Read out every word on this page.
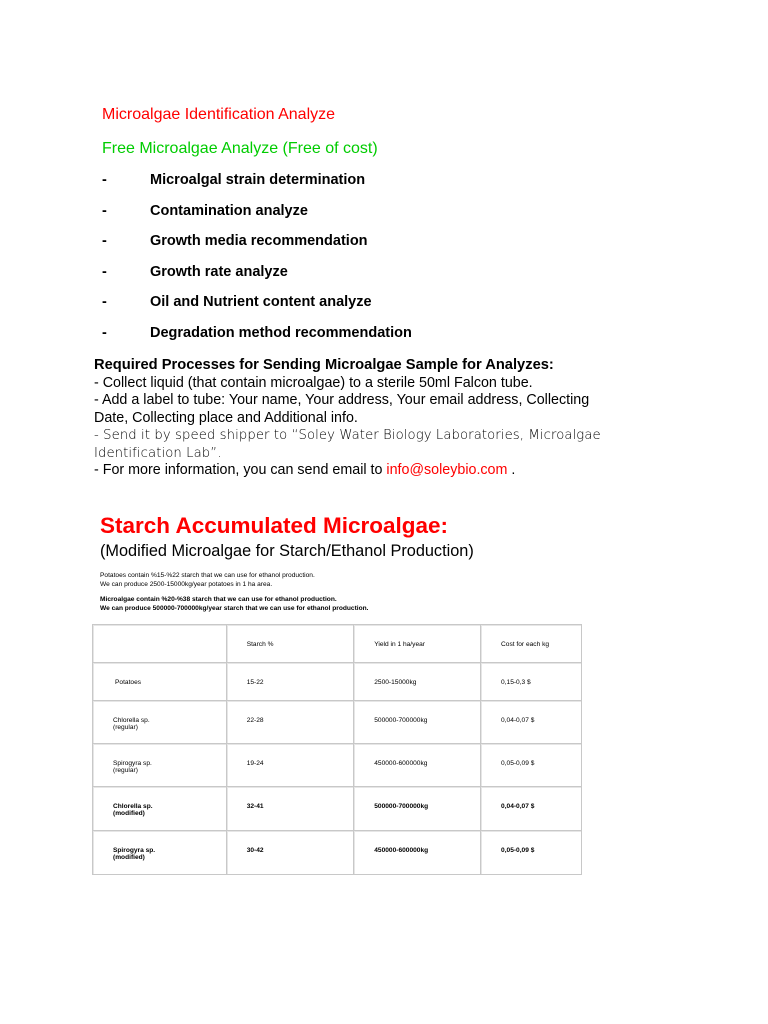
Microalgae Identification Analyze
Free Microalgae Analyze (Free of cost)
-	Microalgal strain determination
-	Contamination analyze
-	Growth media recommendation
-	Growth rate analyze
-	Oil and Nutrient content analyze
-	Degradation method recommendation
Required Processes for Sending Microalgae Sample for Analyzes:
- Collect liquid (that contain microalgae) to a sterile 50ml Falcon tube.
- Add a label to tube: Your name, Your address, Your email address, Collecting
Date, Collecting place and Additional info.
- Send it by speed shipper to “Soley Water Biology Laboratories, Microalgae
Identification Lab”.
- For more information, you can send email to info@soleybio.com .
Starch Accumulated Microalgae:
(Modified Microalgae for Starch/Ethanol Production)
Potatoes contain %15-%22 starch that we can use for ethanol production.
We can produce 2500-15000kg/year potatoes in 1 ha area.
Microalgae contain %20-%38 starch that we can use for ethanol production.
We can produce 500000-700000kg/year starch that we can use for ethanol production.

	Starch %	Yield in 1 ha/year	Cost for each kg

Potatoes	15-22	2500-15000kg	0,15-0,3 $

Chlorella sp.
(regular)	22-28	500000-700000kg	0,04-0,07 $

Spirogyra sp.
(regular)	19-24	450000-600000kg	0,05-0,09 $

Chlorella sp.
(modified)	32-41	500000-700000kg	0,04-0,07 $

Spirogyra sp.
(modified)	30-42	450000-600000kg	0,05-0,09 $
